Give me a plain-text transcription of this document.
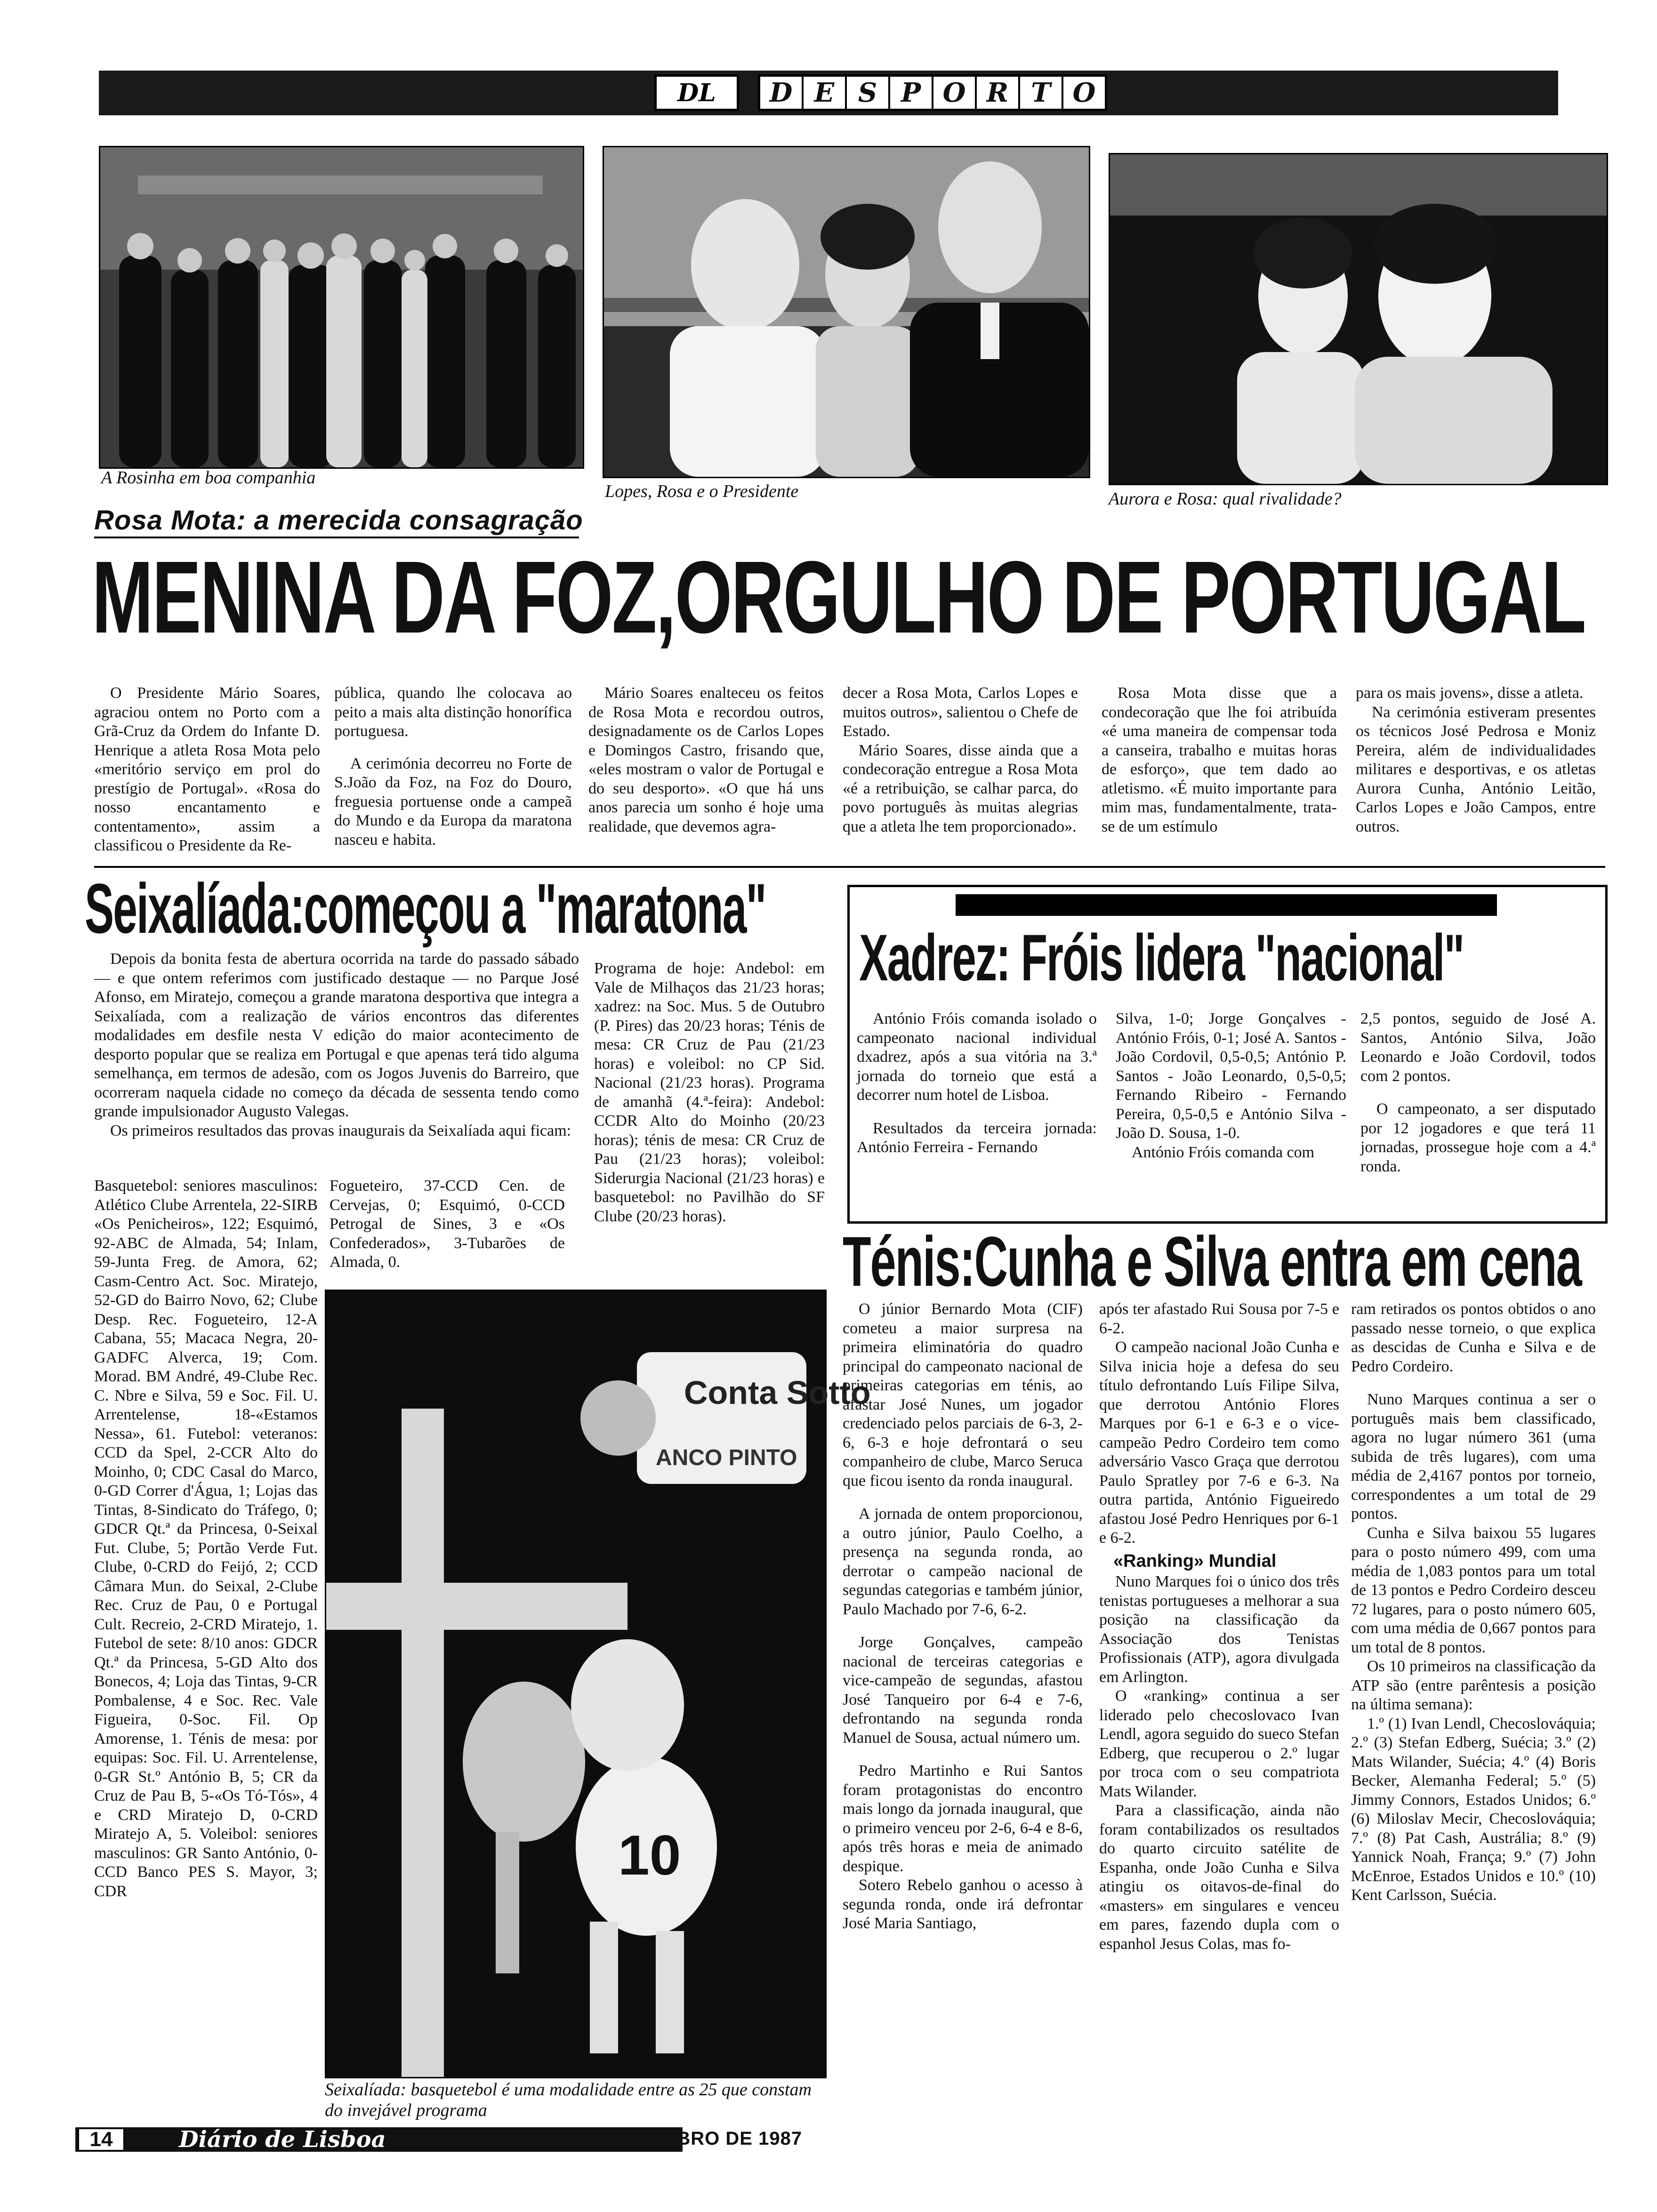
DL	D E S P O R T O
A Rosinha em boa companhia
Lopes, Rosa e o Presidente	Aurora e Rosa: qual rivalidade?
Rosa Mota: a merecida consagração
MENINA DA FOZ,ORGULHO DE PORTUGAL

O Presidente Mário Soares, agraciou ontem no Porto com a Grã-Cruz da Ordem do Infante D. Henrique a atleta Rosa Mota pelo «meritório serviço em prol do prestígio de Portugal». «Rosa do nosso encantamento e contentamento», assim a classificou o Presidente da Re-

pública, quando lhe colocava ao peito a mais alta distinção honorífica portuguesa.

A cerimónia decorreu no Forte de S.João da Foz, na Foz do Douro, freguesia portuense onde a campeã do Mundo e da Europa da maratona nasceu e habita.

Mário Soares enalteceu os feitos de Rosa Mota e recordou outros, designadamente os de Carlos Lopes e Domingos Castro, frisando que, «eles mostram o valor de Portugal e do seu desporto». «O que há uns anos parecia um sonho é hoje uma realidade, que devemos agra-

decer a Rosa Mota, Carlos Lopes e muitos outros», salientou o Chefe de Estado.

Mário Soares, disse ainda que a condecoração entregue a Rosa Mota «é a retribuição, se calhar parca, do povo português às muitas alegrias que a atleta lhe tem proporcionado».

Rosa Mota disse que a condecoração que lhe foi atribuída «é uma maneira de compensar toda a canseira, trabalho e muitas horas de esforço», que tem dado ao atletismo. «É muito importante para mim mas, fundamentalmente, trata-se de um estímulo

para os mais jovens», disse a atleta.

Na cerimónia estiveram presentes os técnicos José Pedrosa e Moniz Pereira, além de individualidades militares e desportivas, e os atletas Aurora Cunha, António Leitão, Carlos Lopes e João Campos, entre outros.

Seixalíada:começou a "maratona"

Depois da bonita festa de abertura ocorrida na tarde do passado sábado — e que ontem referimos com justificado destaque — no Parque José Afonso, em Miratejo, começou a grande maratona desportiva que integra a Seixalíada, com a realização de vários encontros das diferentes modalidades em desfile nesta V edição do maior acontecimento de desporto popular que se realiza em Portugal e que apenas terá tido alguma semelhança, em termos de adesão, com os Jogos Juvenis do Barreiro, que ocorreram naquela cidade no começo da década de sessenta tendo como grande impulsionador Augusto Valegas.

Os primeiros resultados das provas inaugurais da Seixalíada aqui ficam:

Programa de hoje: Andebol: em Vale de Milhaços das 21/23 horas; xadrez: na Soc. Mus. 5 de Outubro (P. Pires) das 20/23 horas; Ténis de mesa: CR Cruz de Pau (21/23 horas) e voleibol: no CP Sid. Nacional (21/23 horas). Programa de amanhã (4.ª-feira): Andebol: CCDR Alto do Moinho (20/23 horas); ténis de mesa: CR Cruz de Pau (21/23 horas); voleibol: Siderurgia Nacional (21/23 horas) e basquetebol: no Pavilhão do SF Clube (20/23 horas).

Basquetebol: seniores masculinos: Atlético Clube Arrentela, 22-SIRB «Os Penicheiros», 122; Esquimó, 92-ABC de Almada, 54; Inlam, 59-Junta Freg. de Amora, 62; Casm-Centro Act. Soc. Miratejo, 52-GD do Bairro Novo, 62; Clube Desp. Rec. Fogueteiro, 12-A Cabana, 55; Macaca Negra, 20-GADFC Alverca, 19; Com. Morad. BM André, 49-Clube Rec. C. Nbre e Silva, 59 e Soc. Fil. U. Arrentelense, 18-«Estamos Nessa», 61. Futebol: veteranos: CCD da Spel, 2-CCR Alto do Moinho, 0; CDC Casal do Marco, 0-GD Correr d'Água, 1; Lojas das Tintas, 8-Sindicato do Tráfego, 0; GDCR Qt.ª da Princesa, 0-Seixal Fut. Clube, 5; Portão Verde Fut. Clube, 0-CRD do Feijó, 2; CCD Câmara Mun. do Seixal, 2-Clube Rec. Cruz de Pau, 0 e Portugal Cult. Recreio, 2-CRD Miratejo, 1. Futebol de sete: 8/10 anos: GDCR Qt.ª da Princesa, 5-GD Alto dos Bonecos, 4; Loja das Tintas, 9-CR Pombalense, 4 e Soc. Rec. Vale Figueira, 0-Soc. Fil. Op Amorense, 1. Ténis de mesa: por equipas: Soc. Fil. U. Arrentelense, 0-GR St.º António B, 5; CR da Cruz de Pau B, 5-«Os Tó-Tós», 4 e CRD Miratejo D, 0-CRD Miratejo A, 5. Voleibol: seniores masculinos: GR Santo António, 0-CCD Banco PES S. Mayor, 3; CDR

Fogueteiro, 37-CCD Cen. de Cervejas, 0; Esquimó, 0-CCD Petrogal de Sines, 3 e «Os Confederados», 3-Tubarões de Almada, 0.

Conta Sotto
ANCO PINTO
10
Seixalíada: basquetebol é uma modalidade entre as 25 que constam do invejável programa
Xadrez: Fróis lidera "nacional"

António Fróis comanda isolado o campeonato nacional individual dxadrez, após a sua vitória na 3.ª jornada do torneio que está a decorrer num hotel de Lisboa.

Resultados da terceira jornada: António Ferreira - Fernando

Silva, 1-0; Jorge Gonçalves - António Fróis, 0-1; José A. Santos - João Cordovil, 0,5-0,5; António P. Santos - João Leonardo, 0,5-0,5; Fernando Ribeiro - Fernando Pereira, 0,5-0,5 e António Silva - João D. Sousa, 1-0.

António Fróis comanda com

2,5 pontos, seguido de José A. Santos, António Silva, João Leonardo e João Cordovil, todos com 2 pontos.

O campeonato, a ser disputado por 12 jogadores e que terá 11 jornadas, prossegue hoje com a 4.ª ronda.

Ténis:Cunha e Silva entra em cena

O júnior Bernardo Mota (CIF) cometeu a maior surpresa na primeira eliminatória do quadro principal do campeonato nacional de primeiras categorias em ténis, ao afastar José Nunes, um jogador credenciado pelos parciais de 6-3, 2-6, 6-3 e hoje defrontará o seu companheiro de clube, Marco Seruca que ficou isento da ronda inaugural.

A jornada de ontem proporcionou, a outro júnior, Paulo Coelho, a presença na segunda ronda, ao derrotar o campeão nacional de segundas categorias e também júnior, Paulo Machado por 7-6, 6-2.

Jorge Gonçalves, campeão nacional de terceiras categorias e vice-campeão de segundas, afastou José Tanqueiro por 6-4 e 7-6, defrontando na segunda ronda Manuel de Sousa, actual número um.

Pedro Martinho e Rui Santos foram protagonistas do encontro mais longo da jornada inaugural, que o primeiro venceu por 2-6, 6-4 e 8-6, após três horas e meia de animado despique.

Sotero Rebelo ganhou o acesso à segunda ronda, onde irá defrontar José Maria Santiago,

após ter afastado Rui Sousa por 7-5 e 6-2.

O campeão nacional João Cunha e Silva inicia hoje a defesa do seu título defrontando Luís Filipe Silva, que derrotou António Flores Marques por 6-1 e 6-3 e o vice-campeão Pedro Cordeiro tem como adversário Vasco Graça que derrotou Paulo Spratley por 7-6 e 6-3. Na outra partida, António Figueiredo afastou José Pedro Henriques por 6-1 e 6-2.

«Ranking» Mundial

Nuno Marques foi o único dos três tenistas portugueses a melhorar a sua posição na classificação da Associação dos Tenistas Profissionais (ATP), agora divulgada em Arlington.

O «ranking» continua a ser liderado pelo checoslovaco Ivan Lendl, agora seguido do sueco Stefan Edberg, que recuperou o 2.º lugar por troca com o seu compatriota Mats Wilander.

Para a classificação, ainda não foram contabilizados os resultados do quarto circuito satélite de Espanha, onde João Cunha e Silva atingiu os oitavos-de-final do «masters» em singulares e venceu em pares, fazendo dupla com o espanhol Jesus Colas, mas fo-

ram retirados os pontos obtidos o ano passado nesse torneio, o que explica as descidas de Cunha e Silva e de Pedro Cordeiro.

Nuno Marques continua a ser o português mais bem classificado, agora no lugar número 361 (uma subida de três lugares), com uma média de 2,4167 pontos por torneio, correspondentes a um total de 29 pontos.

Cunha e Silva baixou 55 lugares para o posto número 499, com uma média de 1,083 pontos para um total de 13 pontos e Pedro Cordeiro desceu 72 lugares, para o posto número 605, com uma média de 0,667 pontos para um total de 8 pontos.

Os 10 primeiros na classificação da ATP são (entre parêntesis a posição na última semana):

1.º (1) Ivan Lendl, Checoslováquia; 2.º (3) Stefan Edberg, Suécia; 3.º (2) Mats Wilander, Suécia; 4.º (4) Boris Becker, Alemanha Federal; 5.º (5) Jimmy Connors, Estados Unidos; 6.º (6) Miloslav Mecir, Checoslováquia; 7.º (8) Pat Cash, Austrália; 8.º (9) Yannick Noah, França; 9.º (7) John McEnroe, Estados Unidos e 10.º (10) Kent Carlsson, Suécia.

14	Diário de Lisboa TERÇA-FEIRA, 22 DE SETEMBRO DE 1987
